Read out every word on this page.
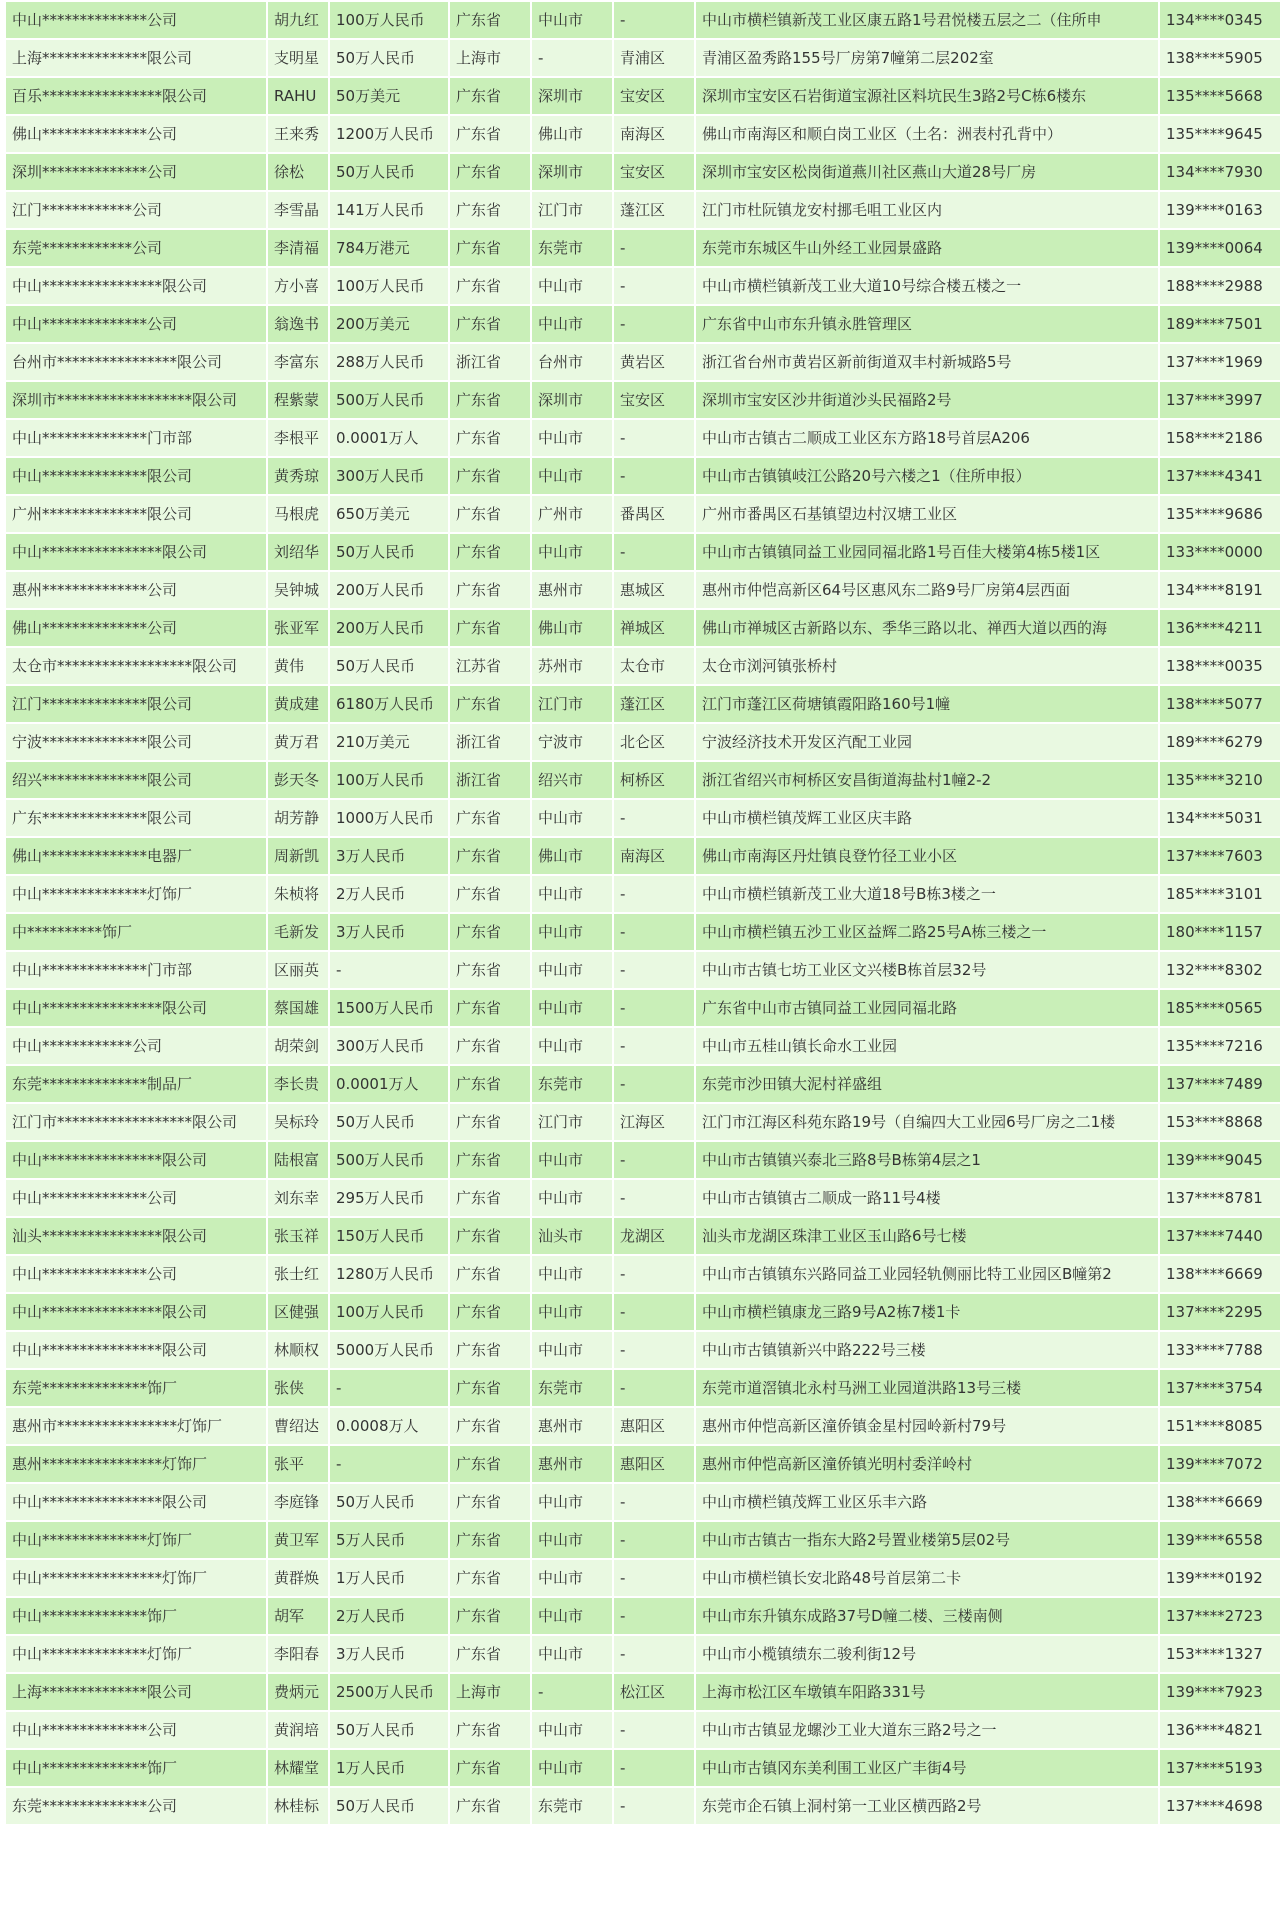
中山**************公司	胡九红	100万人民币	广东省	中山市	-	中山市横栏镇新茂工业区康五路1号君悦楼五层之二（住所申	134****0345
上海**************限公司	支明星	50万人民币	上海市	-	青浦区	青浦区盈秀路155号厂房第7幢第二层202室	138****5905
百乐****************限公司	RAHU	50万美元	广东省	深圳市	宝安区	深圳市宝安区石岩街道宝源社区料坑民生3路2号C栋6楼东	135****5668
佛山**************公司	王来秀	1200万人民币	广东省	佛山市	南海区	佛山市南海区和顺白岗工业区（土名：洲表村孔背中）	135****9645
深圳**************公司	徐松	50万人民币	广东省	深圳市	宝安区	深圳市宝安区松岗街道燕川社区燕山大道28号厂房	134****7930
江门************公司	李雪晶	141万人民币	广东省	江门市	蓬江区	江门市杜阮镇龙安村挪毛咀工业区内	139****0163
东莞************公司	李清福	784万港元	广东省	东莞市	-	东莞市东城区牛山外经工业园景盛路	139****0064
中山****************限公司	方小喜	100万人民币	广东省	中山市	-	中山市横栏镇新茂工业大道10号综合楼五楼之一	188****2988
中山**************公司	翁逸书	200万美元	广东省	中山市	-	广东省中山市东升镇永胜管理区	189****7501
台州市****************限公司	李富东	288万人民币	浙江省	台州市	黄岩区	浙江省台州市黄岩区新前街道双丰村新城路5号	137****1969
深圳市******************限公司	程紫蒙	500万人民币	广东省	深圳市	宝安区	深圳市宝安区沙井街道沙头民福路2号	137****3997
中山**************门市部	李根平	0.0001万人	广东省	中山市	-	中山市古镇古二顺成工业区东方路18号首层A206	158****2186
中山**************限公司	黄秀琼	300万人民币	广东省	中山市	-	中山市古镇镇岐江公路20号六楼之1（住所申报）	137****4341
广州**************限公司	马根虎	650万美元	广东省	广州市	番禺区	广州市番禺区石基镇望边村汉塘工业区	135****9686
中山****************限公司	刘绍华	50万人民币	广东省	中山市	-	中山市古镇镇同益工业园同福北路1号百佳大楼第4栋5楼1区	133****0000
惠州**************公司	吴钟城	200万人民币	广东省	惠州市	惠城区	惠州市仲恺高新区64号区惠风东二路9号厂房第4层西面	134****8191
佛山**************公司	张亚军	200万人民币	广东省	佛山市	禅城区	佛山市禅城区古新路以东、季华三路以北、禅西大道以西的海	136****4211
太仓市******************限公司	黄伟	50万人民币	江苏省	苏州市	太仓市	太仓市浏河镇张桥村	138****0035
江门**************限公司	黄成建	6180万人民币	广东省	江门市	蓬江区	江门市蓬江区荷塘镇霞阳路160号1幢	138****5077
宁波**************限公司	黄万君	210万美元	浙江省	宁波市	北仑区	宁波经济技术开发区汽配工业园	189****6279
绍兴**************限公司	彭天冬	100万人民币	浙江省	绍兴市	柯桥区	浙江省绍兴市柯桥区安昌街道海盐村1幢2-2	135****3210
广东**************限公司	胡芳静	1000万人民币	广东省	中山市	-	中山市横栏镇茂辉工业区庆丰路	134****5031
佛山**************电器厂	周新凯	3万人民币	广东省	佛山市	南海区	佛山市南海区丹灶镇良登竹径工业小区	137****7603
中山**************灯饰厂	朱桢将	2万人民币	广东省	中山市	-	中山市横栏镇新茂工业大道18号B栋3楼之一	185****3101
中**********饰厂	毛新发	3万人民币	广东省	中山市	-	中山市横栏镇五沙工业区益辉二路25号A栋三楼之一	180****1157
中山**************门市部	区丽英	-	广东省	中山市	-	中山市古镇七坊工业区文兴楼B栋首层32号	132****8302
中山****************限公司	蔡国雄	1500万人民币	广东省	中山市	-	广东省中山市古镇同益工业园同福北路	185****0565
中山************公司	胡荣剑	300万人民币	广东省	中山市	-	中山市五桂山镇长命水工业园	135****7216
东莞**************制品厂	李长贵	0.0001万人	广东省	东莞市	-	东莞市沙田镇大泥村祥盛组	137****7489
江门市******************限公司	吴标玲	50万人民币	广东省	江门市	江海区	江门市江海区科苑东路19号（自编四大工业园6号厂房之二1楼	153****8868
中山****************限公司	陆根富	500万人民币	广东省	中山市	-	中山市古镇镇兴泰北三路8号B栋第4层之1	139****9045
中山**************公司	刘东幸	295万人民币	广东省	中山市	-	中山市古镇镇古二顺成一路11号4楼	137****8781
汕头****************限公司	张玉祥	150万人民币	广东省	汕头市	龙湖区	汕头市龙湖区珠津工业区玉山路6号七楼	137****7440
中山**************公司	张士红	1280万人民币	广东省	中山市	-	中山市古镇镇东兴路同益工业园轻轨侧丽比特工业园区B幢第2	138****6669
中山****************限公司	区健强	100万人民币	广东省	中山市	-	中山市横栏镇康龙三路9号A2栋7楼1卡	137****2295
中山****************限公司	林顺权	5000万人民币	广东省	中山市	-	中山市古镇镇新兴中路222号三楼	133****7788
东莞**************饰厂	张侠	-	广东省	东莞市	-	东莞市道滘镇北永村马洲工业园道洪路13号三楼	137****3754
惠州市****************灯饰厂	曹绍达	0.0008万人	广东省	惠州市	惠阳区	惠州市仲恺高新区潼侨镇金星村园岭新村79号	151****8085
惠州****************灯饰厂	张平	-	广东省	惠州市	惠阳区	惠州市仲恺高新区潼侨镇光明村委洋岭村	139****7072
中山****************限公司	李庭锋	50万人民币	广东省	中山市	-	中山市横栏镇茂辉工业区乐丰六路	138****6669
中山**************灯饰厂	黄卫军	5万人民币	广东省	中山市	-	中山市古镇古一指东大路2号置业楼第5层02号	139****6558
中山****************灯饰厂	黄群焕	1万人民币	广东省	中山市	-	中山市横栏镇长安北路48号首层第二卡	139****0192
中山**************饰厂	胡军	2万人民币	广东省	中山市	-	中山市东升镇东成路37号D幢二楼、三楼南侧	137****2723
中山**************灯饰厂	李阳春	3万人民币	广东省	中山市	-	中山市小榄镇绩东二骏利街12号	153****1327
上海**************限公司	费炳元	2500万人民币	上海市	-	松江区	上海市松江区车墩镇车阳路331号	139****7923
中山**************公司	黄润培	50万人民币	广东省	中山市	-	中山市古镇显龙螺沙工业大道东三路2号之一	136****4821
中山**************饰厂	林耀堂	1万人民币	广东省	中山市	-	中山市古镇冈东美利围工业区广丰街4号	137****5193
东莞**************公司	林桂标	50万人民币	广东省	东莞市	-	东莞市企石镇上洞村第一工业区横西路2号	137****4698
